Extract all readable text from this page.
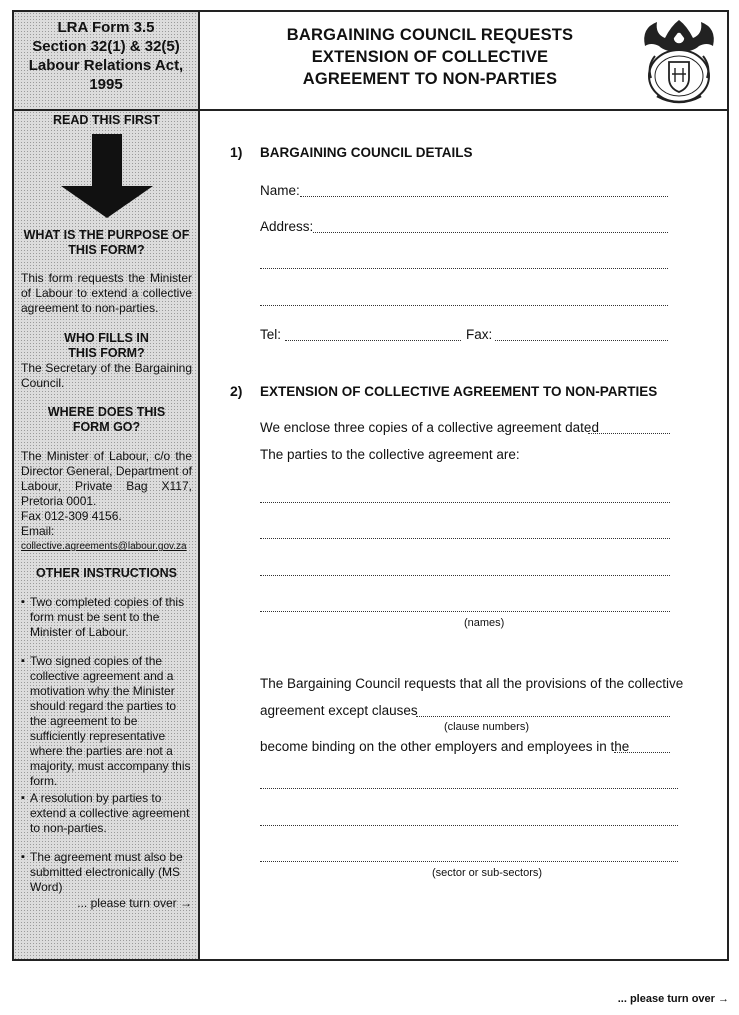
LRA Form 3.5
Section 32(1) & 32(5)
Labour Relations Act,
1995
READ THIS FIRST
WHAT IS THE PURPOSE OF
THIS FORM?

This form requests the Minister of Labour to extend a collective agreement to non-parties.

WHO FILLS IN
THIS FORM?

The Secretary of the Bargaining Council.

WHERE DOES THIS
FORM GO?

The Minister of Labour, c/o the Director General, Department of Labour, Private Bag X117, Pretoria 0001.

Fax 012-309 4156.

Email:

collective.agreements@labour.gov.za

OTHER INSTRUCTIONS

▪ Two completed copies of this form must be sent to the Minister of Labour.

▪ Two signed copies of the collective agreement and a motivation why the Minister should regard the parties to the agreement to be sufficiently representative where the parties are not a majority, must accompany this form.

▪ A resolution by parties to extend a collective agreement to non-parties.

▪ The agreement must also be submitted electronically (MS Word)

... please turn over →
BARGAINING COUNCIL REQUESTS
EXTENSION OF COLLECTIVE
AGREEMENT TO NON-PARTIES
1) BARGAINING COUNCIL DETAILS
Name:
Address:
Tel:	Fax:
2) EXTENSION OF COLLECTIVE AGREEMENT TO NON-PARTIES
We enclose three copies of a collective agreement dated
The parties to the collective agreement are:
(names)
The Bargaining Council requests that all the provisions of the collective
agreement except clauses
(clause numbers)
become binding on the other employers and employees in the
(sector or sub-sectors)
... please turn over →
